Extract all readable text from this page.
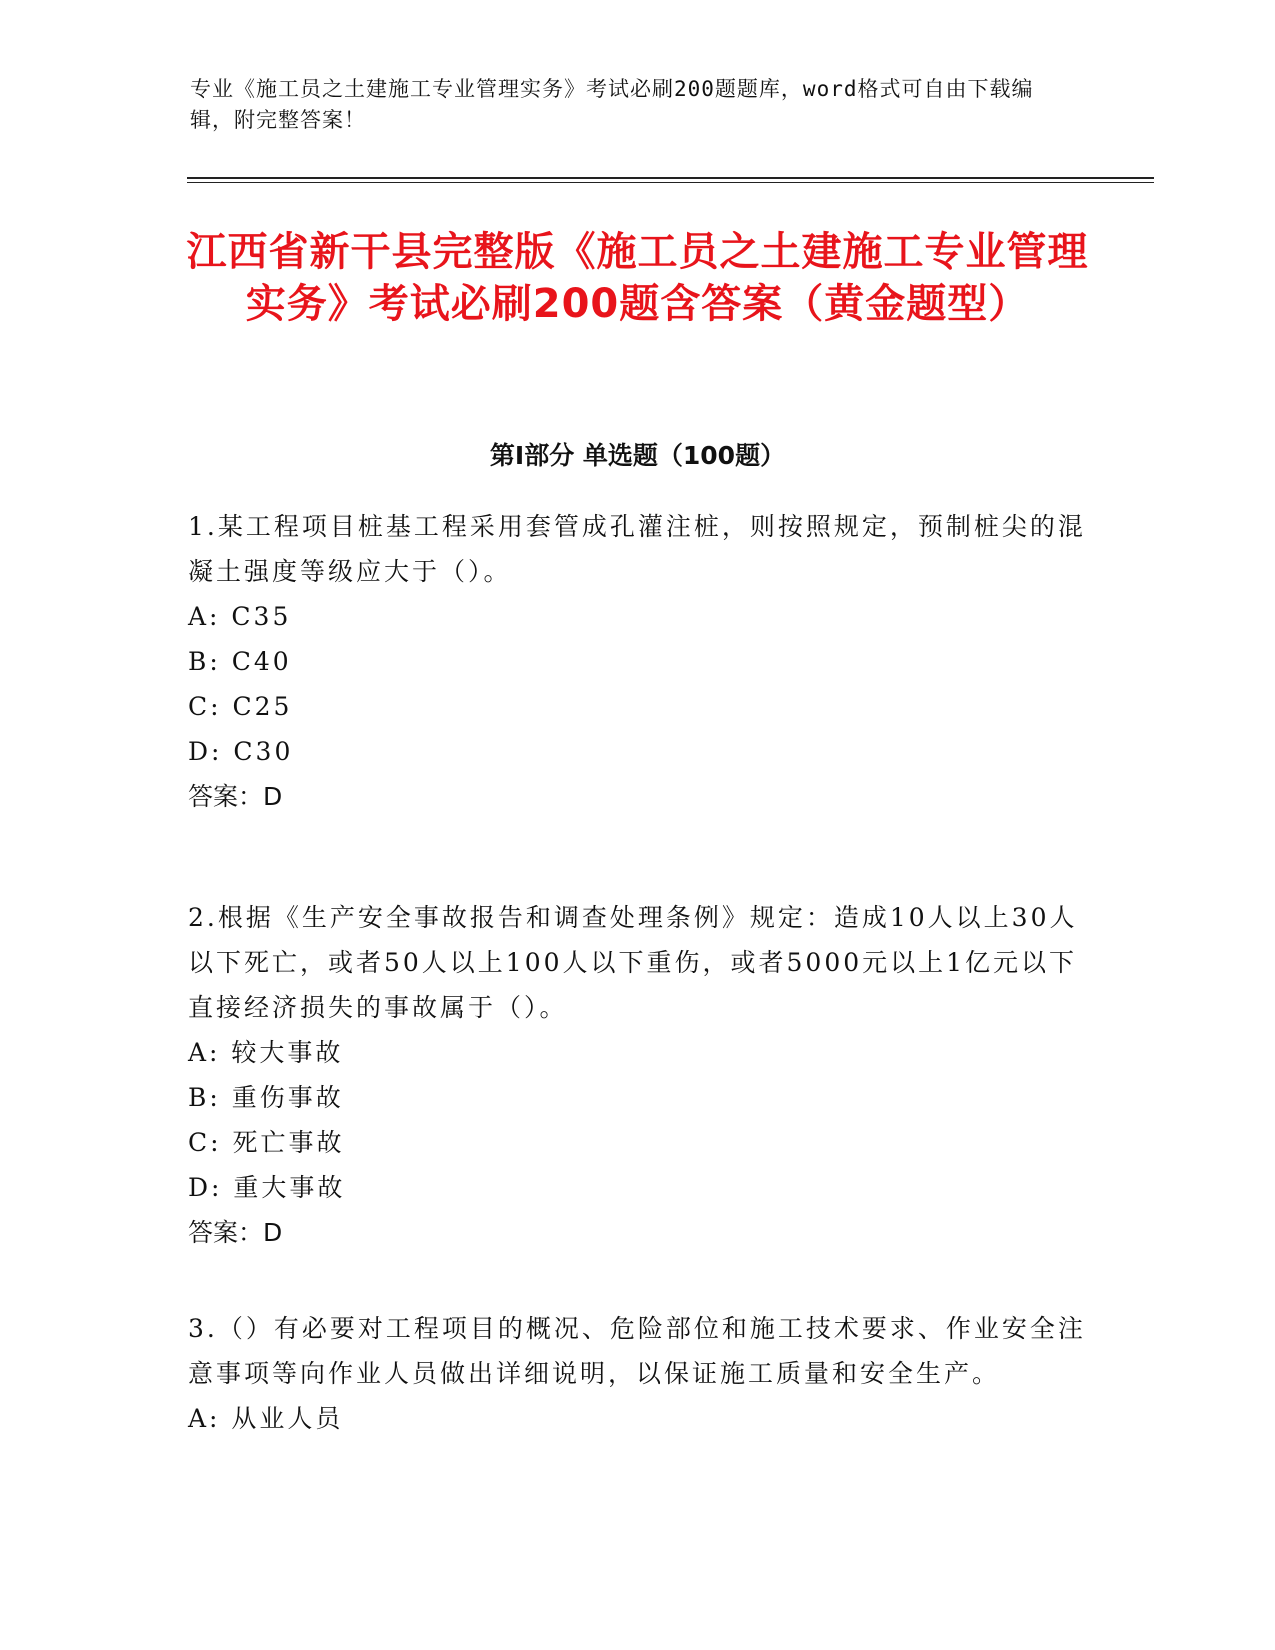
专业《施工员之土建施工专业管理实务》考试必刷200题题库，word格式可自由下载编辑，附完整答案！
江西省新干县完整版《施工员之土建施工专业管理实务》考试必刷200题含答案（黄金题型）
第I部分 单选题（100题）

1.某工程项目桩基工程采用套管成孔灌注桩，则按照规定，预制桩尖的混凝土强度等级应大于（）。

A: C35

B: C40

C: C25

D: C30

答案：D

2.根据《生产安全事故报告和调查处理条例》规定：造成10人以上30人以下死亡，或者50人以上100人以下重伤，或者5000元以上1亿元以下直接经济损失的事故属于（）。

A: 较大事故

B: 重伤事故

C: 死亡事故

D: 重大事故

答案：D

3.（）有必要对工程项目的概况、危险部位和施工技术要求、作业安全注意事项等向作业人员做出详细说明，以保证施工质量和安全生产。

A: 从业人员
